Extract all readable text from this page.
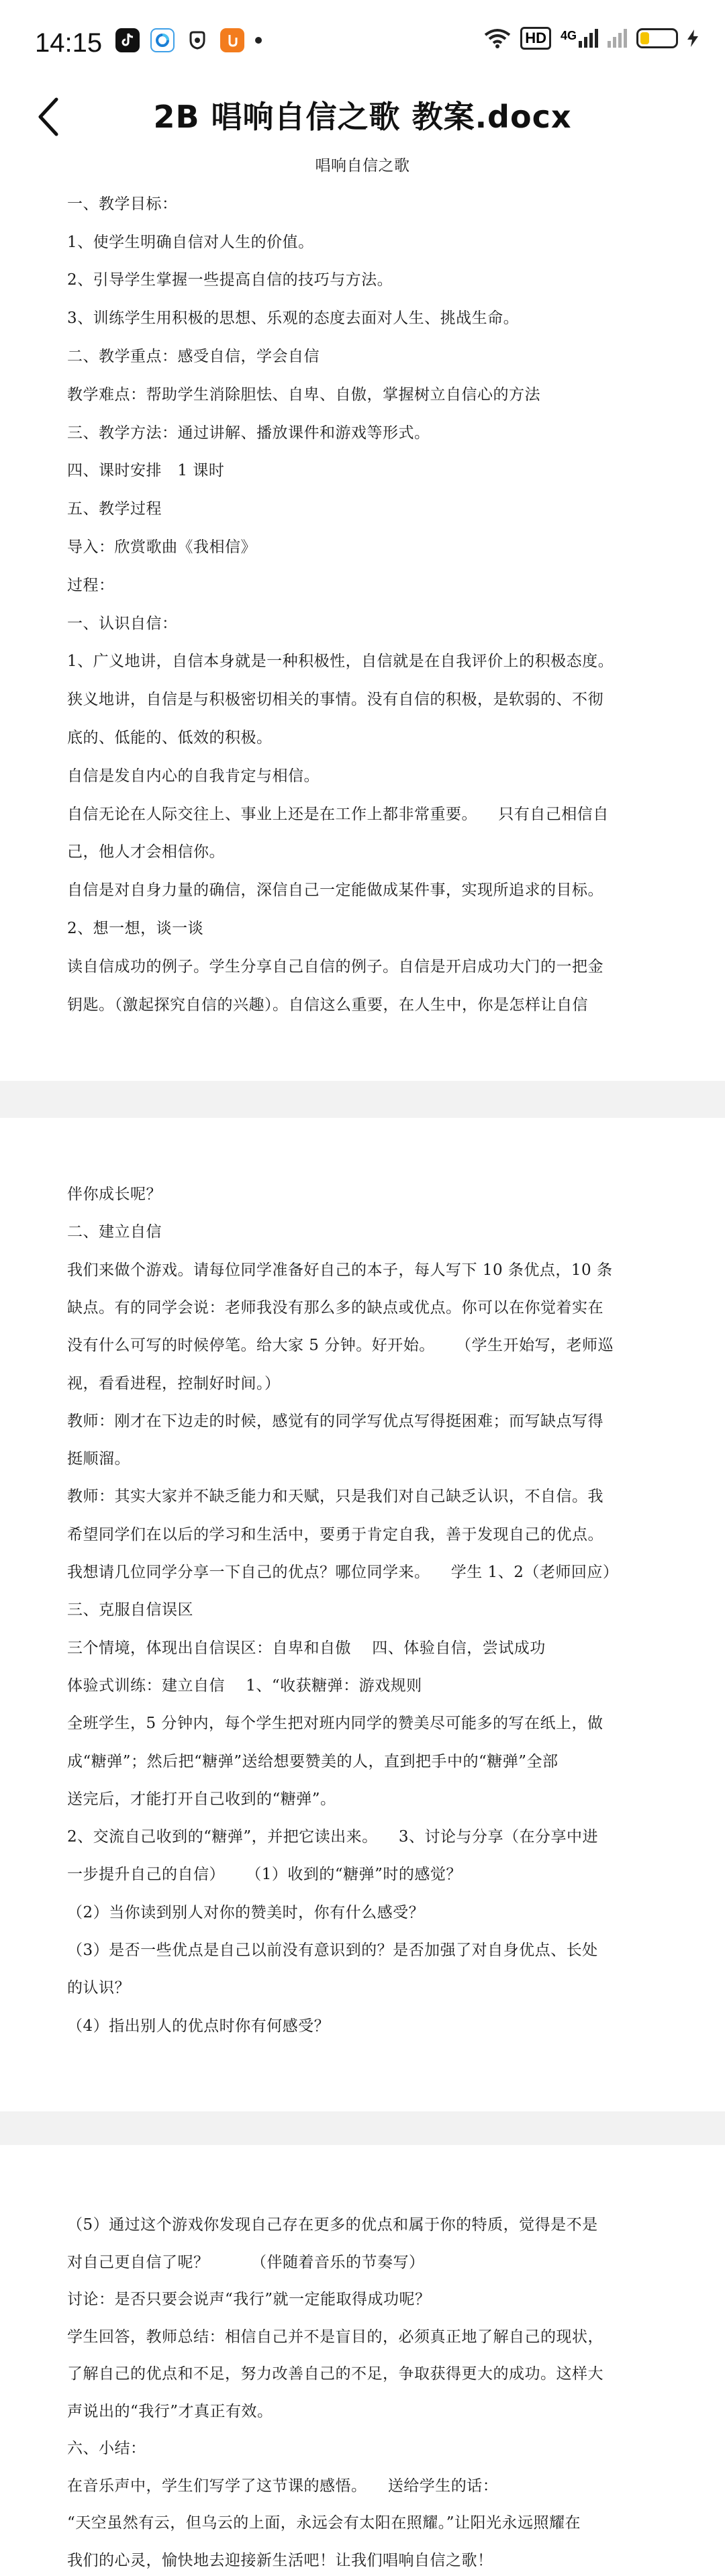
14:15	HD	4G
2B 唱响自信之歌 教案.docx
唱响自信之歌
一、教学目标：
1、使学生明确自信对人生的价值。
2、引导学生掌握一些提高自信的技巧与方法。
3、训练学生用积极的思想、乐观的态度去面对人生、挑战生命。
二、教学重点：感受自信，学会自信
教学难点：帮助学生消除胆怯、自卑、自傲，掌握树立自信心的方法
三、教学方法：通过讲解、播放课件和游戏等形式。
四、课时安排   1 课时
五、教学过程
导入：欣赏歌曲《我相信》
过程：
一、认识自信：
1、广义地讲，自信本身就是一种积极性，自信就是在自我评价上的积极态度。
狭义地讲，自信是与积极密切相关的事情。没有自信的积极，是软弱的、不彻
底的、低能的、低效的积极。
自信是发自内心的自我肯定与相信。
自信无论在人际交往上、事业上还是在工作上都非常重要。    只有自己相信自
己，他人才会相信你。
自信是对自身力量的确信，深信自己一定能做成某件事，实现所追求的目标。
2、想一想，谈一谈
读自信成功的例子。学生分享自己自信的例子。自信是开启成功大门的一把金
钥匙。（激起探究自信的兴趣）。自信这么重要，在人生中，你是怎样让自信
伴你成长呢？
二、建立自信
我们来做个游戏。请每位同学准备好自己的本子，每人写下 10 条优点，10 条
缺点。有的同学会说：老师我没有那么多的缺点或优点。你可以在你觉着实在
没有什么可写的时候停笔。给大家 5 分钟。好开始。    （学生开始写，老师巡
视，看看进程，控制好时间。）
教师：刚才在下边走的时候，感觉有的同学写优点写得挺困难；而写缺点写得
挺顺溜。
教师：其实大家并不缺乏能力和天赋，只是我们对自己缺乏认识，不自信。我
希望同学们在以后的学习和生活中，要勇于肯定自我，善于发现自己的优点。
我想请几位同学分享一下自己的优点？哪位同学来。    学生 1、2（老师回应）
三、克服自信误区
三个情境，体现出自信误区：自卑和自傲    四、体验自信，尝试成功
体验式训练：建立自信    1、“收获糖弹：游戏规则
全班学生，5 分钟内，每个学生把对班内同学的赞美尽可能多的写在纸上，做
成“糖弹”；然后把“糖弹”送给想要赞美的人，直到把手中的“糖弹”全部
送完后，才能打开自己收到的“糖弹”。
2、交流自己收到的“糖弹”，并把它读出来。    3、讨论与分享（在分享中进
一步提升自己的自信）    （1）收到的“糖弹”时的感觉？
（2）当你读到别人对你的赞美时，你有什么感受？
（3）是否一些优点是自己以前没有意识到的？是否加强了对自身优点、长处
的认识？
（4）指出别人的优点时你有何感受？
（5）通过这个游戏你发现自己存在更多的优点和属于你的特质，觉得是不是
对自己更自信了呢？        （伴随着音乐的节奏写）
讨论：是否只要会说声“我行”就一定能取得成功呢？
学生回答，教师总结：相信自己并不是盲目的，必须真正地了解自己的现状，
了解自己的优点和不足，努力改善自己的不足，争取获得更大的成功。这样大
声说出的“我行”才真正有效。
六、小结：
在音乐声中，学生们写学了这节课的感悟。    送给学生的话：
“天空虽然有云，但乌云的上面，永远会有太阳在照耀。”让阳光永远照耀在
我们的心灵，愉快地去迎接新生活吧！让我们唱响自信之歌！
